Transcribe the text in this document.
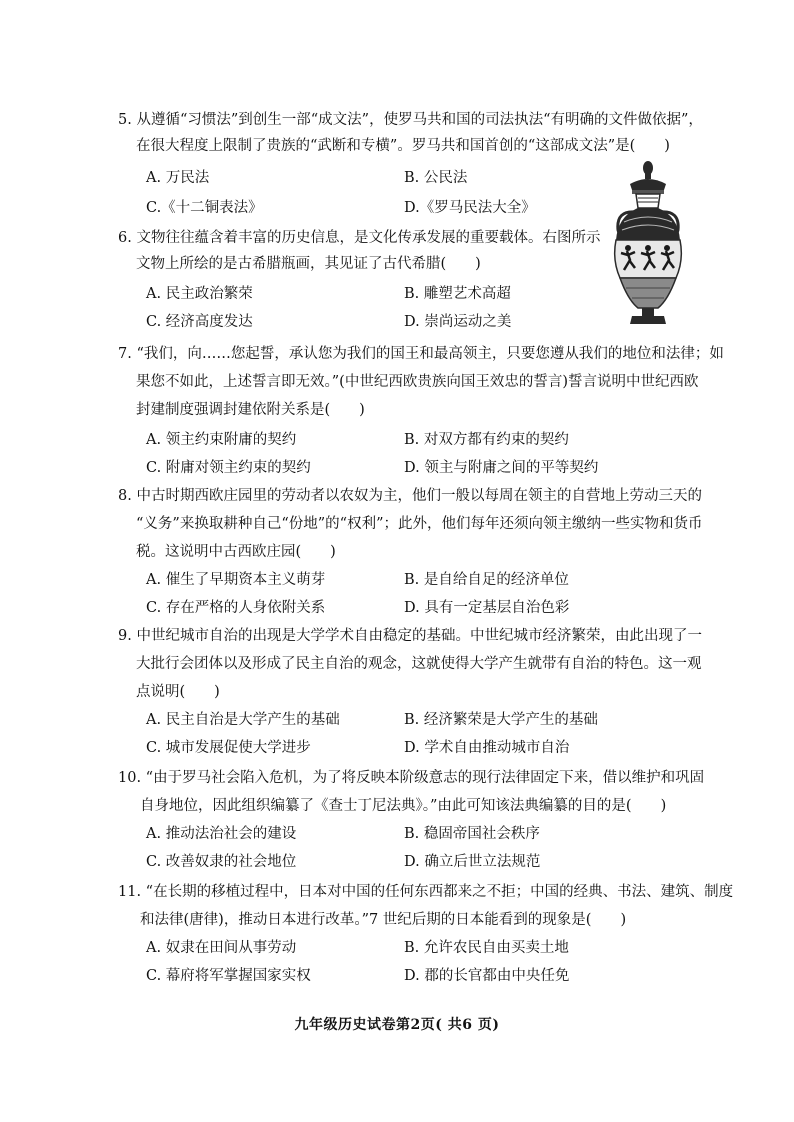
5. 从遵循“习惯法”到创生一部“成文法”，使罗马共和国的司法执法“有明确的文件做依据”，
在很大程度上限制了贵族的“武断和专横”。罗马共和国首创的“这部成文法”是(　　)
A. 万民法	B. 公民法
C.《十二铜表法》	D.《罗马民法大全》
6. 文物往往蕴含着丰富的历史信息，是文化传承发展的重要载体。右图所示
文物上所绘的是古希腊瓶画，其见证了古代希腊(　　)
A. 民主政治繁荣	B. 雕塑艺术高超
C. 经济高度发达	D. 崇尚运动之美
7. “我们，向……您起誓，承认您为我们的国王和最高领主，只要您遵从我们的地位和法律；如
果您不如此，上述誓言即无效。”(中世纪西欧贵族向国王效忠的誓言)誓言说明中世纪西欧
封建制度强调封建依附关系是(　　)
A. 领主约束附庸的契约	B. 对双方都有约束的契约
C. 附庸对领主约束的契约	D. 领主与附庸之间的平等契约
8. 中古时期西欧庄园里的劳动者以农奴为主，他们一般以每周在领主的自营地上劳动三天的
“义务”来换取耕种自己“份地”的“权利”；此外，他们每年还须向领主缴纳一些实物和货币
税。这说明中古西欧庄园(　　)
A. 催生了早期资本主义萌芽	B. 是自给自足的经济单位
C. 存在严格的人身依附关系	D. 具有一定基层自治色彩
9. 中世纪城市自治的出现是大学学术自由稳定的基础。中世纪城市经济繁荣，由此出现了一
大批行会团体以及形成了民主自治的观念，这就使得大学产生就带有自治的特色。这一观
点说明(　　)
A. 民主自治是大学产生的基础	B. 经济繁荣是大学产生的基础
C. 城市发展促使大学进步	D. 学术自由推动城市自治
10. “由于罗马社会陷入危机，为了将反映本阶级意志的现行法律固定下来，借以维护和巩固
自身地位，因此组织编纂了《查士丁尼法典》。”由此可知该法典编纂的目的是(　　)
A. 推动法治社会的建设	B. 稳固帝国社会秩序
C. 改善奴隶的社会地位	D. 确立后世立法规范
11. “在长期的移植过程中，日本对中国的任何东西都来之不拒；中国的经典、书法、建筑、制度
和法律(唐律)，推动日本进行改革。”7 世纪后期的日本能看到的现象是(　　)
A. 奴隶在田间从事劳动	B. 允许农民自由买卖土地
C. 幕府将军掌握国家实权	D. 郡的长官都由中央任免
九年级历史试卷第2页( 共6 页)
